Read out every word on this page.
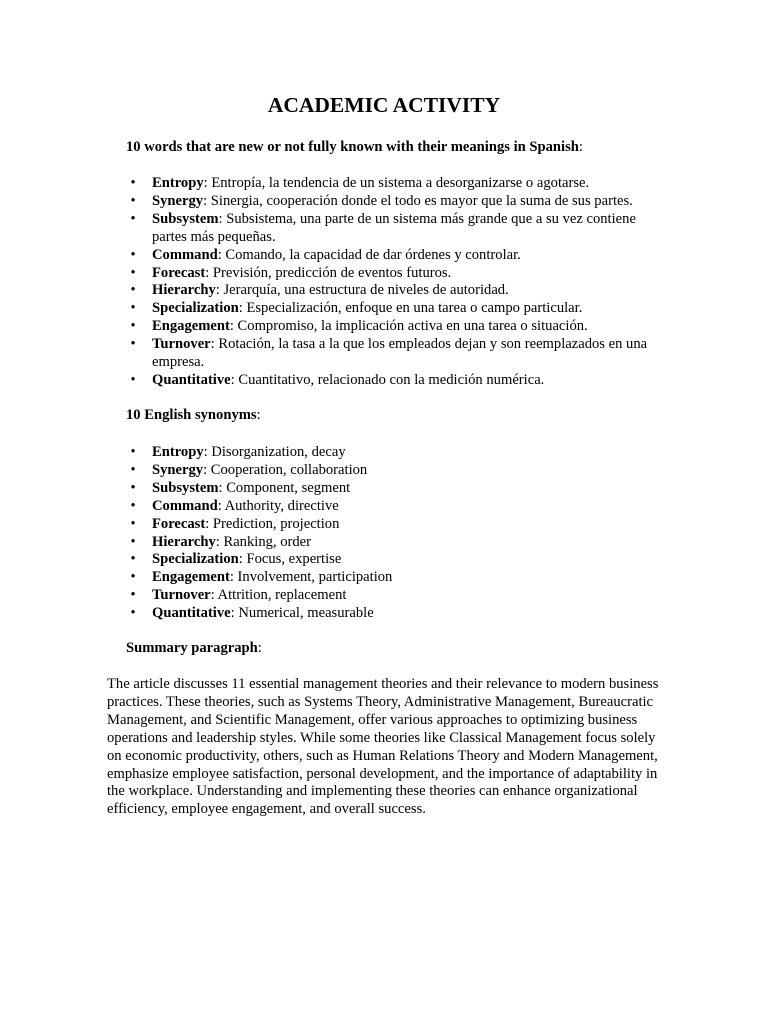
ACADEMIC ACTIVITY
10 words that are new or not fully known with their meanings in Spanish:
• Entropy: Entropía, la tendencia de un sistema a desorganizarse o agotarse.
• Synergy: Sinergia, cooperación donde el todo es mayor que la suma de sus partes.
• Subsystem: Subsistema, una parte de un sistema más grande que a su vez contiene partes más pequeñas.
• Command: Comando, la capacidad de dar órdenes y controlar.
• Forecast: Previsión, predicción de eventos futuros.
• Hierarchy: Jerarquía, una estructura de niveles de autoridad.
• Specialization: Especialización, enfoque en una tarea o campo particular.
• Engagement: Compromiso, la implicación activa en una tarea o situación.
• Turnover: Rotación, la tasa a la que los empleados dejan y son reemplazados en una empresa.
• Quantitative: Cuantitativo, relacionado con la medición numérica.
10 English synonyms:
• Entropy: Disorganization, decay
• Synergy: Cooperation, collaboration
• Subsystem: Component, segment
• Command: Authority, directive
• Forecast: Prediction, projection
• Hierarchy: Ranking, order
• Specialization: Focus, expertise
• Engagement: Involvement, participation
• Turnover: Attrition, replacement
• Quantitative: Numerical, measurable
Summary paragraph:

The article discusses 11 essential management theories and their relevance to modern business practices. These theories, such as Systems Theory, Administrative Management, Bureaucratic Management, and Scientific Management, offer various approaches to optimizing business operations and leadership styles. While some theories like Classical Management focus solely on economic productivity, others, such as Human Relations Theory and Modern Management, emphasize employee satisfaction, personal development, and the importance of adaptability in the workplace. Understanding and implementing these theories can enhance organizational efficiency, employee engagement, and overall success.
